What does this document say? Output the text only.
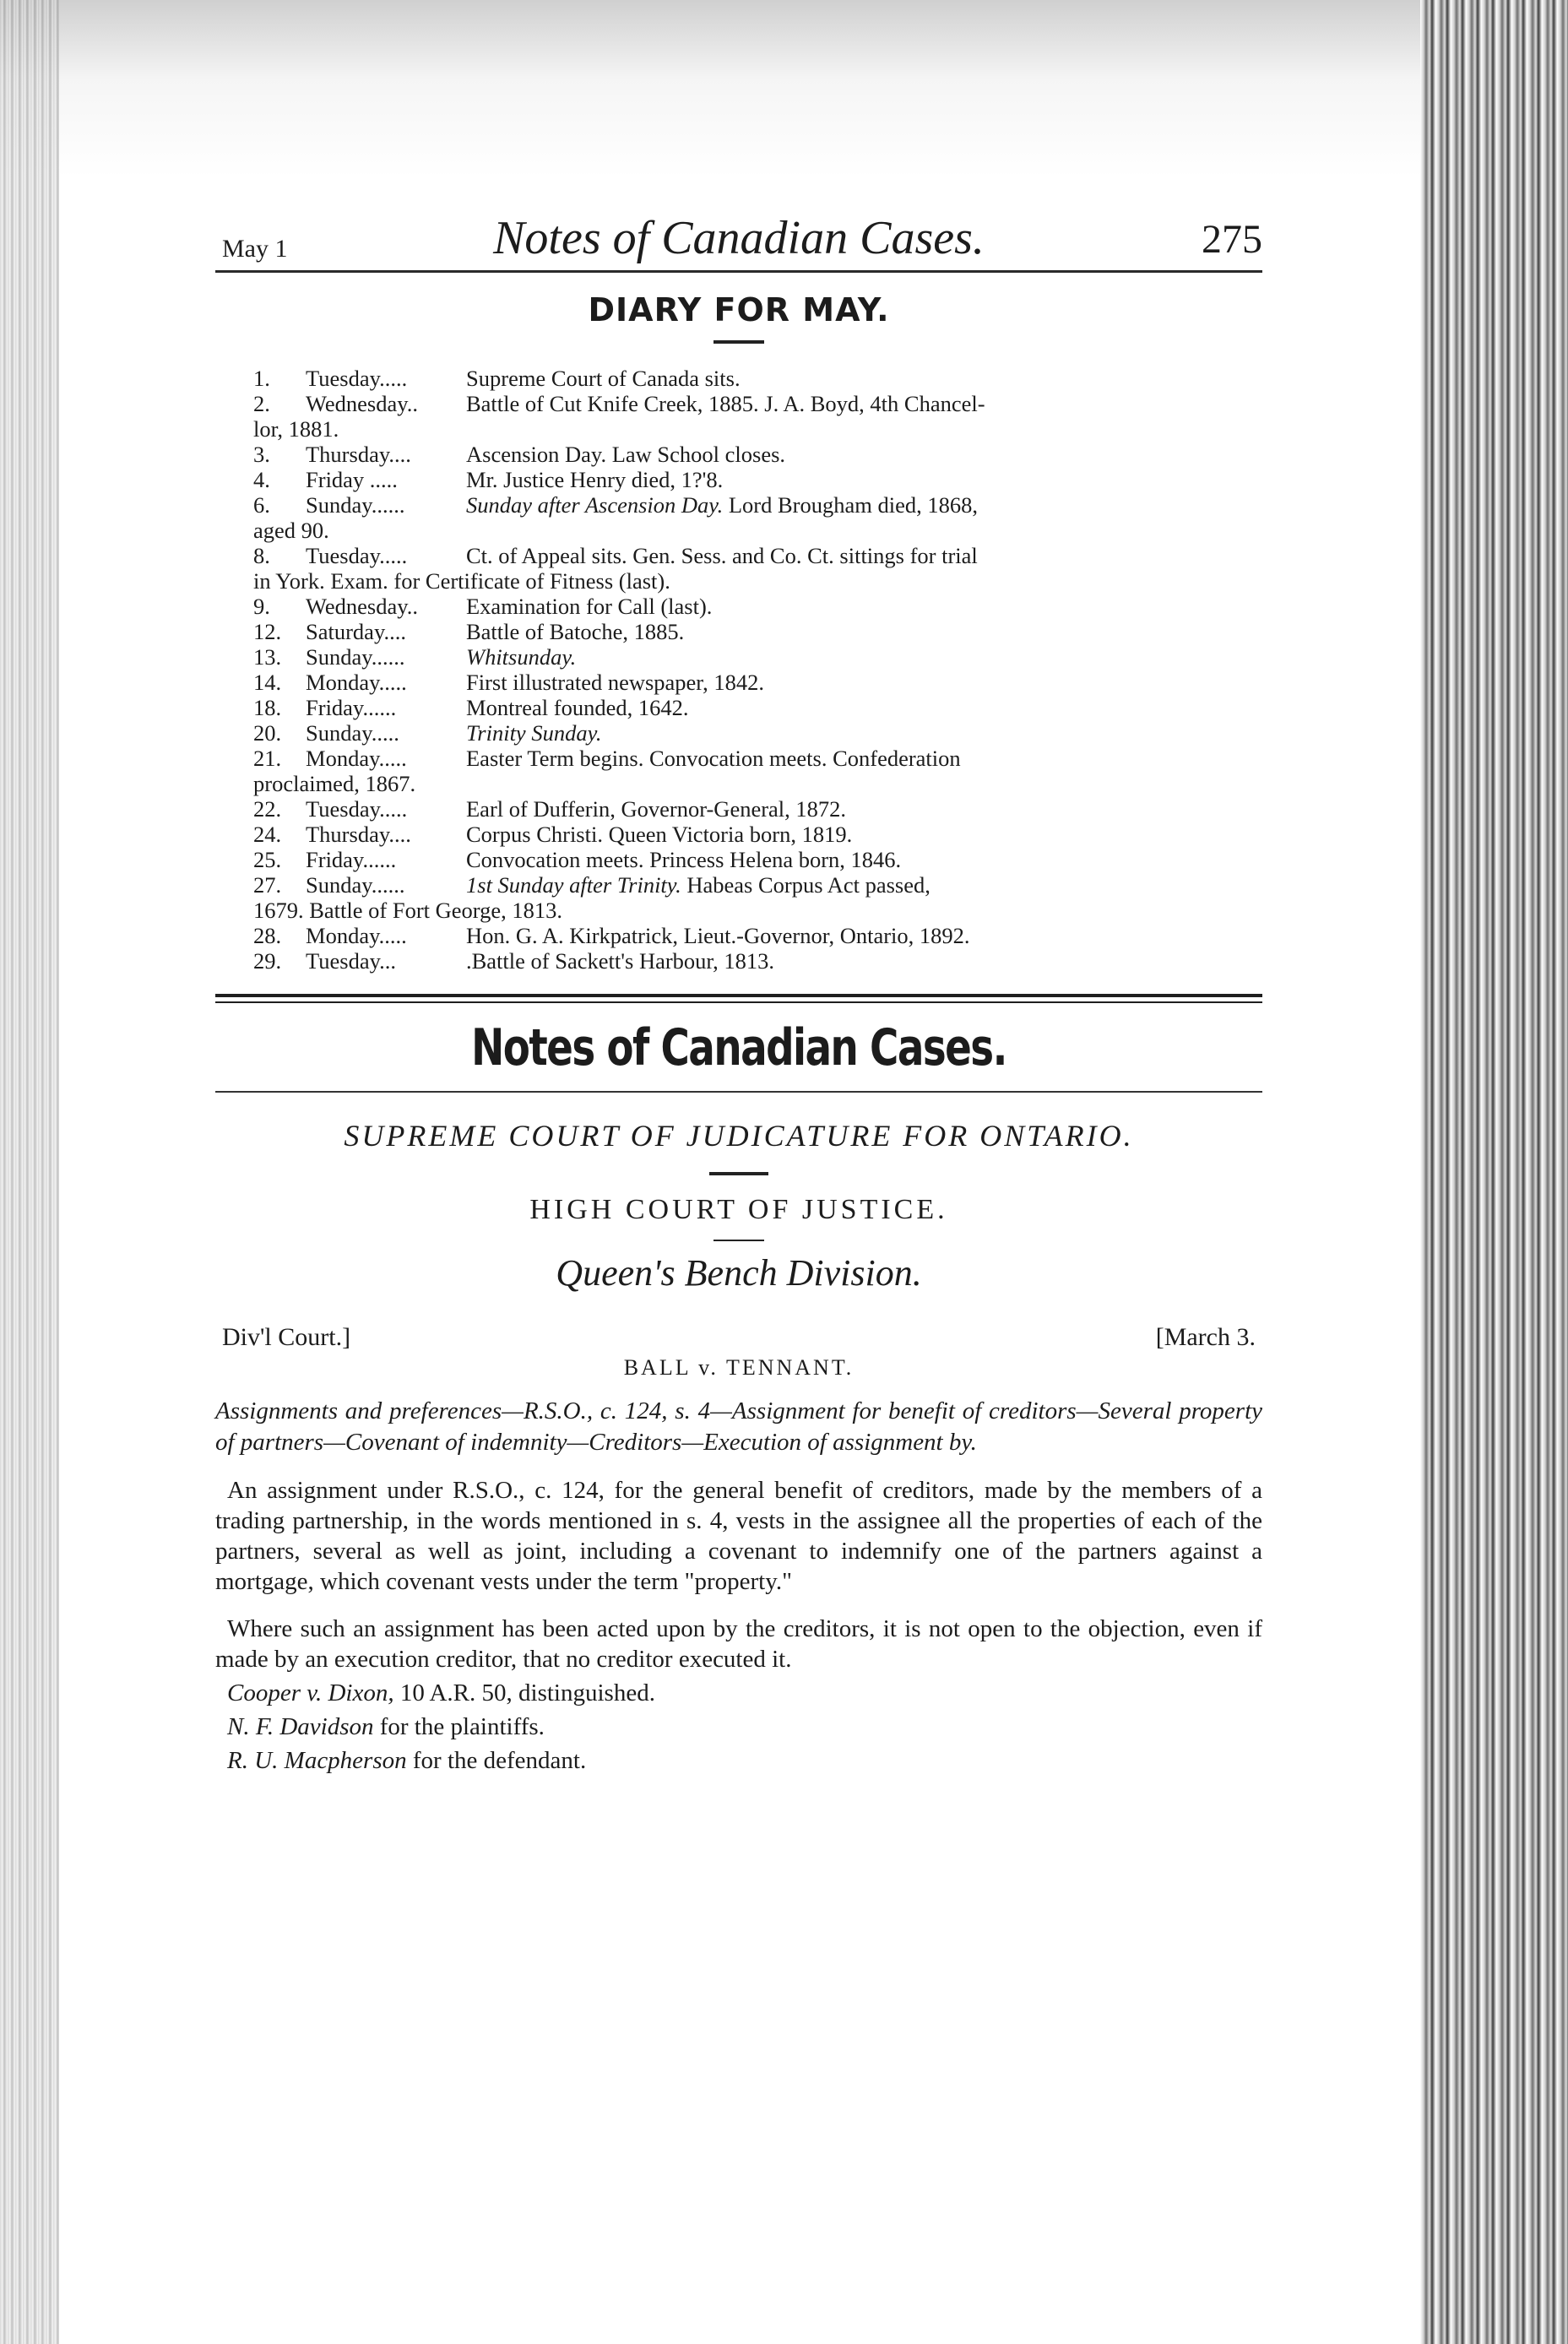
May 1	Notes of Canadian Cases.	275
DIARY FOR MAY.
1.	Tuesday.....	Supreme Court of Canada sits.
2.	Wednesday..	Battle of Cut Knife Creek, 1885. J. A. Boyd, 4th Chancel-
lor, 1881.
3.	Thursday....	Ascension Day. Law School closes.
4.	Friday .....	Mr. Justice Henry died, 1?'8.
6.	Sunday......	Sunday after Ascension Day. Lord Brougham died, 1868,
aged 90.
8.	Tuesday.....	Ct. of Appeal sits. Gen. Sess. and Co. Ct. sittings for trial
in York. Exam. for Certificate of Fitness (last).
9.	Wednesday..	Examination for Call (last).
12.	Saturday....	Battle of Batoche, 1885.
13.	Sunday......	Whitsunday.
14.	Monday.....	First illustrated newspaper, 1842.
18.	Friday......	Montreal founded, 1642.
20.	Sunday.....	Trinity Sunday.
21.	Monday.....	Easter Term begins. Convocation meets. Confederation
proclaimed, 1867.
22.	Tuesday.....	Earl of Dufferin, Governor-General, 1872.
24.	Thursday....	Corpus Christi. Queen Victoria born, 1819.
25.	Friday......	Convocation meets. Princess Helena born, 1846.
27.	Sunday......	1st Sunday after Trinity. Habeas Corpus Act passed,
1679. Battle of Fort George, 1813.
28.	Monday.....	Hon. G. A. Kirkpatrick, Lieut.-Governor, Ontario, 1892.
29.	Tuesday...	.Battle of Sackett's Harbour, 1813.
Notes of Canadian Cases.
SUPREME COURT OF JUDICATURE FOR ONTARIO.
HIGH COURT OF JUSTICE.
Queen's Bench Division.
Div'l Court.]	[March 3.
BALL v. TENNANT.
Assignments and preferences—R.S.O., c. 124, s. 4—Assignment for benefit of creditors—Several property of partners—Covenant of indemnity—Creditors—Execution of assignment by.
An assignment under R.S.O., c. 124, for the general benefit of creditors, made by the members of a trading partnership, in the words mentioned in s. 4, vests in the assignee all the properties of each of the partners, several as well as joint, including a covenant to indemnify one of the partners against a mortgage, which covenant vests under the term "property."
Where such an assignment has been acted upon by the creditors, it is not open to the objection, even if made by an execution creditor, that no creditor executed it.
Cooper v. Dixon, 10 A.R. 50, distinguished.
N. F. Davidson for the plaintiffs.
R. U. Macpherson for the defendant.
